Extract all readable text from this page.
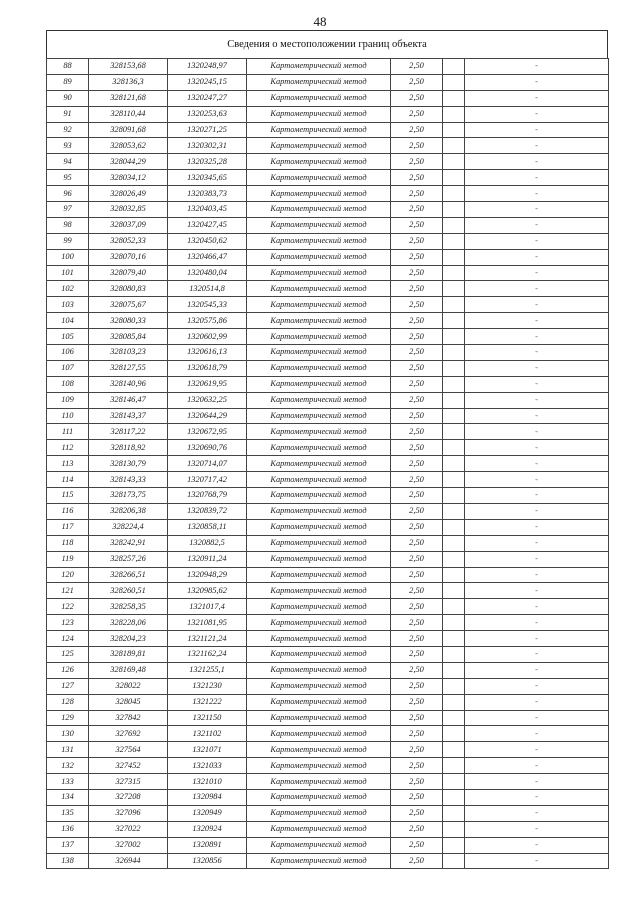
48
Сведения о местоположении границ объекта
88	328153,68	1320248,97	Картометрический метод	2,50		-
89	328136,3	1320245,15	Картометрический метод	2,50		-
90	328121,68	1320247,27	Картометрический метод	2,50		-
91	328110,44	1320253,63	Картометрический метод	2,50		-
92	328091,68	1320271,25	Картометрический метод	2,50		-
93	328053,62	1320302,31	Картометрический метод	2,50		-
94	328044,29	1320325,28	Картометрический метод	2,50		-
95	328034,12	1320345,65	Картометрический метод	2,50		-
96	328026,49	1320383,73	Картометрический метод	2,50		-
97	328032,85	1320403,45	Картометрический метод	2,50		-
98	328037,09	1320427,45	Картометрический метод	2,50		-
99	328052,33	1320450,62	Картометрический метод	2,50		-
100	328070,16	1320466,47	Картометрический метод	2,50		-
101	328079,40	1320480,04	Картометрический метод	2,50		-
102	328080,83	1320514,8	Картометрический метод	2,50		-
103	328075,67	1320545,33	Картометрический метод	2,50		-
104	328080,33	1320575,86	Картометрический метод	2,50		-
105	328085,84	1320602,99	Картометрический метод	2,50		-
106	328103,23	1320616,13	Картометрический метод	2,50		-
107	328127,55	1320618,79	Картометрический метод	2,50		-
108	328140,96	1320619,95	Картометрический метод	2,50		-
109	328146,47	1320632,25	Картометрический метод	2,50		-
110	328143,37	1320644,29	Картометрический метод	2,50		-
111	328117,22	1320672,95	Картометрический метод	2,50		-
112	328118,92	1320690,76	Картометрический метод	2,50		-
113	328130,79	1320714,07	Картометрический метод	2,50		-
114	328143,33	1320717,42	Картометрический метод	2,50		-
115	328173,75	1320768,79	Картометрический метод	2,50		-
116	328206,38	1320839,72	Картометрический метод	2,50		-
117	328224,4	1320858,11	Картометрический метод	2,50		-
118	328242,91	1320882,5	Картометрический метод	2,50		-
119	328257,26	1320911,24	Картометрический метод	2,50		-
120	328266,51	1320948,29	Картометрический метод	2,50		-
121	328260,51	1320985,62	Картометрический метод	2,50		-
122	328258,35	1321017,4	Картометрический метод	2,50		-
123	328228,06	1321081,95	Картометрический метод	2,50		-
124	328204,23	1321121,24	Картометрический метод	2,50		-
125	328189,81	1321162,24	Картометрический метод	2,50		-
126	328169,48	1321255,1	Картометрический метод	2,50		-
127	328022	1321230	Картометрический метод	2,50		-
128	328045	1321222	Картометрический метод	2,50		-
129	327842	1321150	Картометрический метод	2,50		-
130	327692	1321102	Картометрический метод	2,50		-
131	327564	1321071	Картометрический метод	2,50		-
132	327452	1321033	Картометрический метод	2,50		-
133	327315	1321010	Картометрический метод	2,50		-
134	327208	1320984	Картометрический метод	2,50		-
135	327096	1320949	Картометрический метод	2,50		-
136	327022	1320924	Картометрический метод	2,50		-
137	327002	1320891	Картометрический метод	2,50		-
138	326944	1320856	Картометрический метод	2,50		-
